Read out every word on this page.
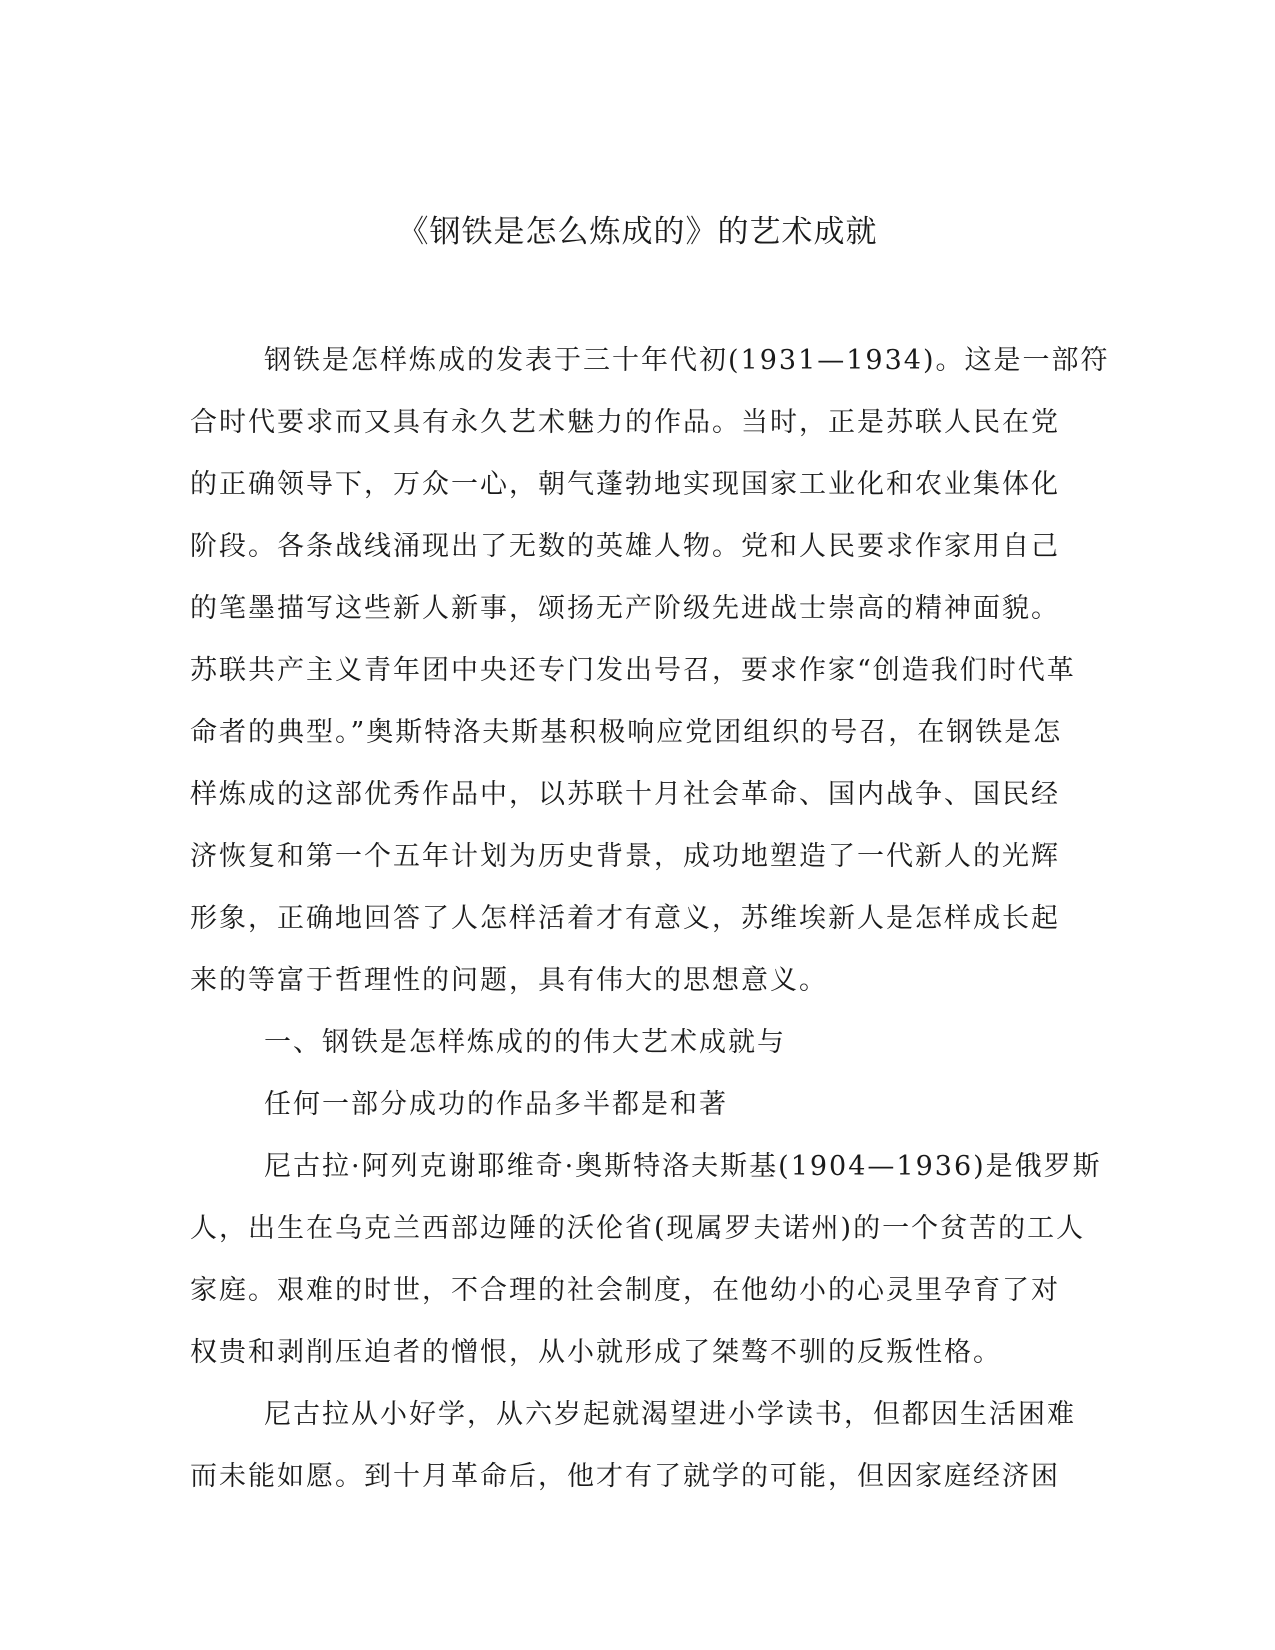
《钢铁是怎么炼成的》的艺术成就

钢铁是怎样炼成的发表于三十年代初(1931—1934)。这是一部符

合时代要求而又具有永久艺术魅力的作品。当时，正是苏联人民在党

的正确领导下，万众一心，朝气蓬勃地实现国家工业化和农业集体化

阶段。各条战线涌现出了无数的英雄人物。党和人民要求作家用自己

的笔墨描写这些新人新事，颂扬无产阶级先进战士崇高的精神面貌。

苏联共产主义青年团中央还专门发出号召，要求作家“创造我们时代革

命者的典型。”奥斯特洛夫斯基积极响应党团组织的号召，在钢铁是怎

样炼成的这部优秀作品中，以苏联十月社会革命、国内战争、国民经

济恢复和第一个五年计划为历史背景，成功地塑造了一代新人的光辉

形象，正确地回答了人怎样活着才有意义，苏维埃新人是怎样成长起

来的等富于哲理性的问题，具有伟大的思想意义。

一、钢铁是怎样炼成的的伟大艺术成就与

任何一部分成功的作品多半都是和著

尼古拉·阿列克谢耶维奇·奥斯特洛夫斯基(1904—1936)是俄罗斯

人，出生在乌克兰西部边陲的沃伦省(现属罗夫诺州)的一个贫苦的工人

家庭。艰难的时世，不合理的社会制度，在他幼小的心灵里孕育了对

权贵和剥削压迫者的憎恨，从小就形成了桀骜不驯的反叛性格。

尼古拉从小好学，从六岁起就渴望进小学读书，但都因生活困难

而未能如愿。到十月革命后，他才有了就学的可能，但因家庭经济困
